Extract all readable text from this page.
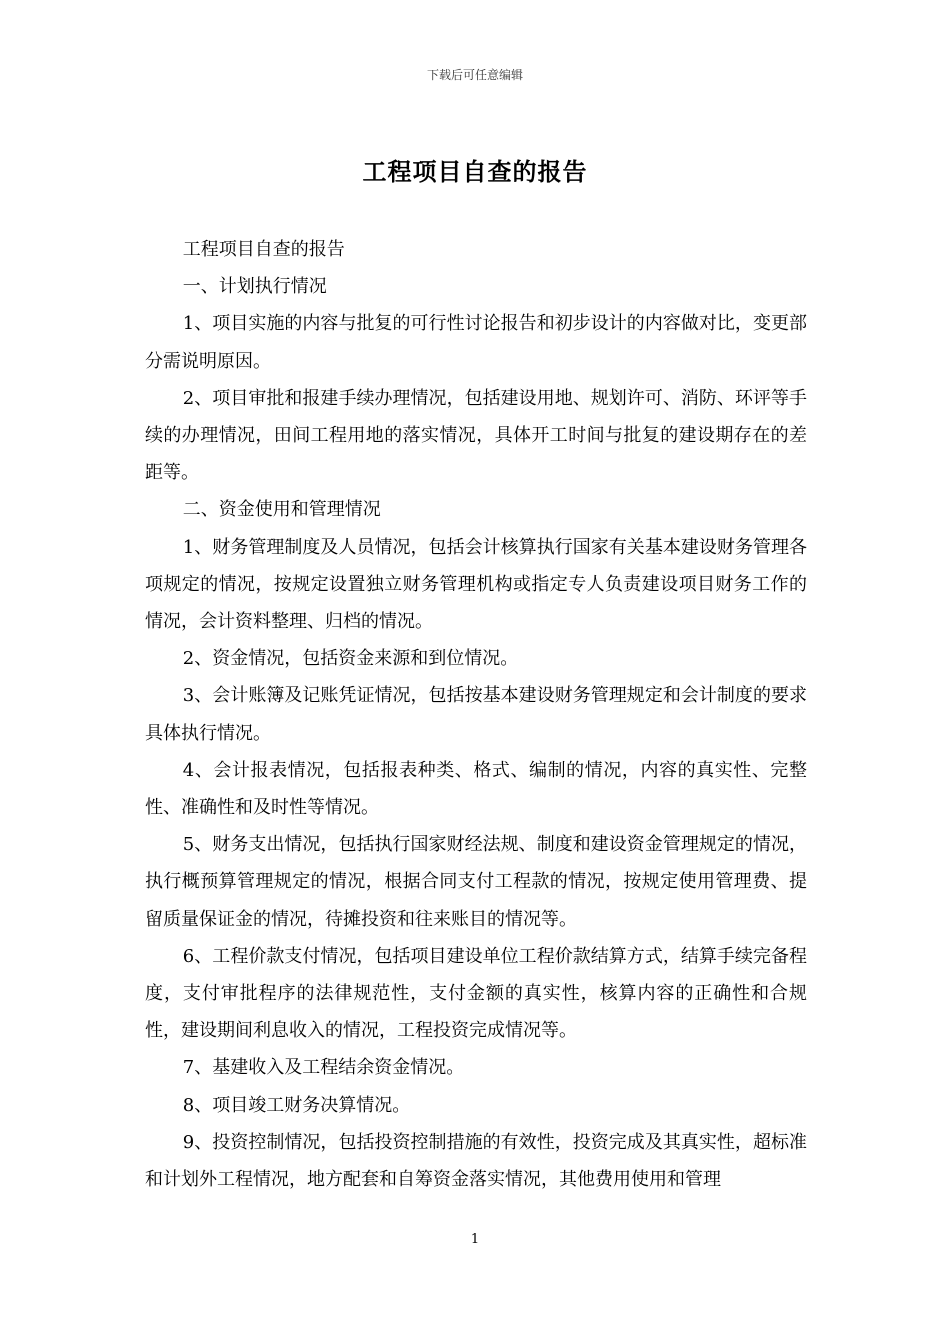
下载后可任意编辑
工程项目自查的报告

工程项目自查的报告

一、计划执行情况

1、项目实施的内容与批复的可行性讨论报告和初步设计的内容做对比，变更部分需说明原因。

2、项目审批和报建手续办理情况，包括建设用地、规划许可、消防、环评等手续的办理情况，田间工程用地的落实情况，具体开工时间与批复的建设期存在的差距等。

二、资金使用和管理情况

1、财务管理制度及人员情况，包括会计核算执行国家有关基本建设财务管理各项规定的情况，按规定设置独立财务管理机构或指定专人负责建设项目财务工作的情况，会计资料整理、归档的情况。

2、资金情况，包括资金来源和到位情况。

3、会计账簿及记账凭证情况，包括按基本建设财务管理规定和会计制度的要求具体执行情况。

4、会计报表情况，包括报表种类、格式、编制的情况，内容的真实性、完整性、准确性和及时性等情况。

5、财务支出情况，包括执行国家财经法规、制度和建设资金管理规定的情况，执行概预算管理规定的情况，根据合同支付工程款的情况，按规定使用管理费、提留质量保证金的情况，待摊投资和往来账目的情况等。

6、工程价款支付情况，包括项目建设单位工程价款结算方式，结算手续完备程度，支付审批程序的法律规范性，支付金额的真实性，核算内容的正确性和合规性，建设期间利息收入的情况，工程投资完成情况等。

7、基建收入及工程结余资金情况。

8、项目竣工财务决算情况。

9、投资控制情况，包括投资控制措施的有效性，投资完成及其真实性，超标准和计划外工程情况，地方配套和自筹资金落实情况，其他费用使用和管理

1
